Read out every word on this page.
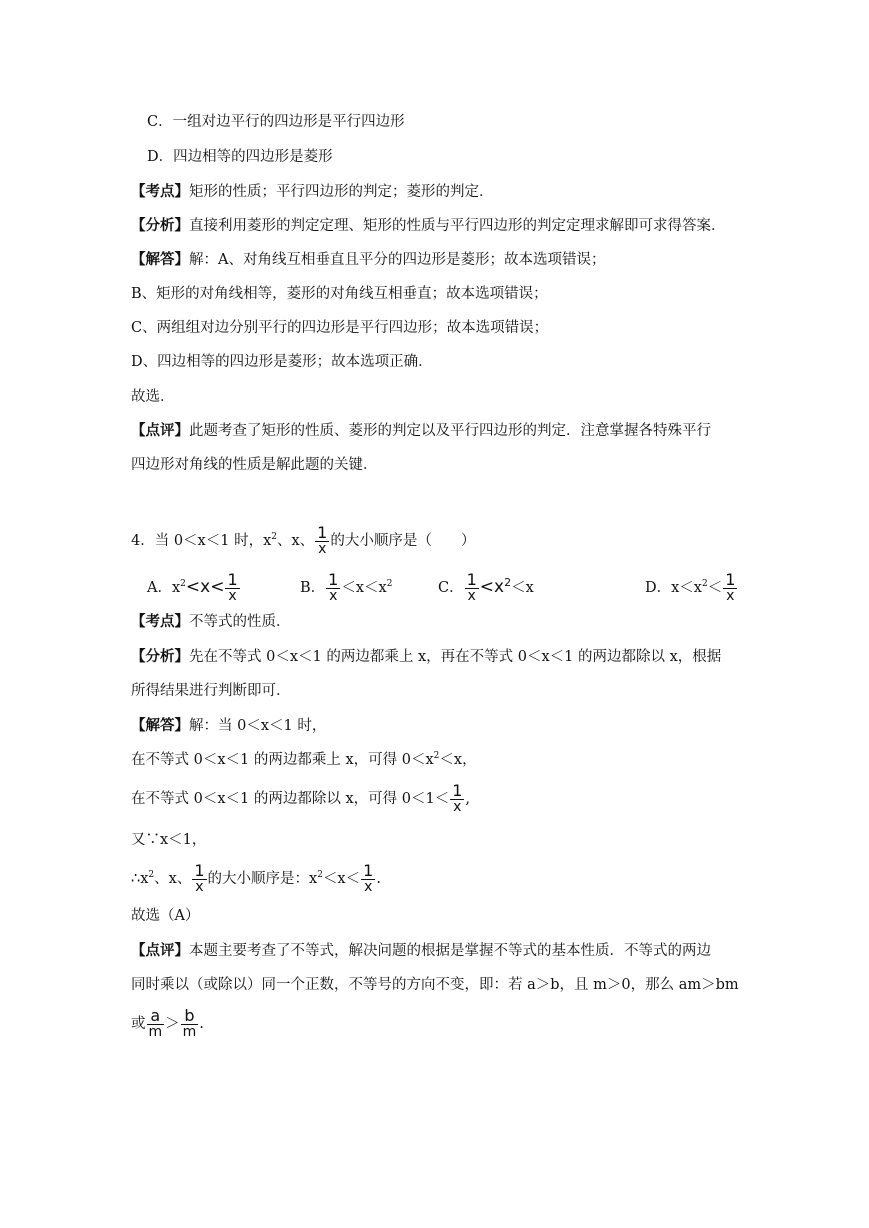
C．一组对边平行的四边形是平行四边形
D．四边相等的四边形是菱形
【考点】矩形的性质；平行四边形的判定；菱形的判定．
【分析】直接利用菱形的判定定理、矩形的性质与平行四边形的判定定理求解即可求得答案．
【解答】解：A、对角线互相垂直且平分的四边形是菱形；故本选项错误；
B、矩形的对角线相等，菱形的对角线互相垂直；故本选项错误；
C、两组组对边分别平行的四边形是平行四边形；故本选项错误；
D、四边相等的四边形是菱形；故本选项正确．
故选．
【点评】此题考查了矩形的性质、菱形的判定以及平行四边形的判定．注意掌握各特殊平行
四边形对角线的性质是解此题的关键．
4．当 0＜x＜1 时，$x^2$、x、 $\frac{1}{x}$ 的大小顺序是（　　）
A．$x^2<x< \frac{1}{x}$	B． $\frac{1}{x} <x<x^2$	C． $\frac{1}{x} <x^2<x$	D．$x<x^2< \frac{1}{x}$
【考点】不等式的性质．
【分析】先在不等式 0＜x＜1 的两边都乘上 x，再在不等式 0＜x＜1 的两边都除以 x，根据
所得结果进行判断即可．
【解答】解：当 0＜x＜1 时，
在不等式 0＜x＜1 的两边都乘上 x，可得 $0<x^2<x$，
在不等式 0＜x＜1 的两边都除以 x，可得 $0<1< \frac{1}{x}$ ,
又∵x＜1，
$\therefore x^2$、x、 $\frac{1}{x}$ 的大小顺序是：$x^2<x< \frac{1}{x}$ .
故选（A）
【点评】本题主要考查了不等式，解决问题的根据是掌握不等式的基本性质．不等式的两边
同时乘以（或除以）同一个正数，不等号的方向不变，即：若 a＞b，且 m＞0，那么 am＞bm
或 $\frac{a}{m} > \frac{b}{m}$ .
